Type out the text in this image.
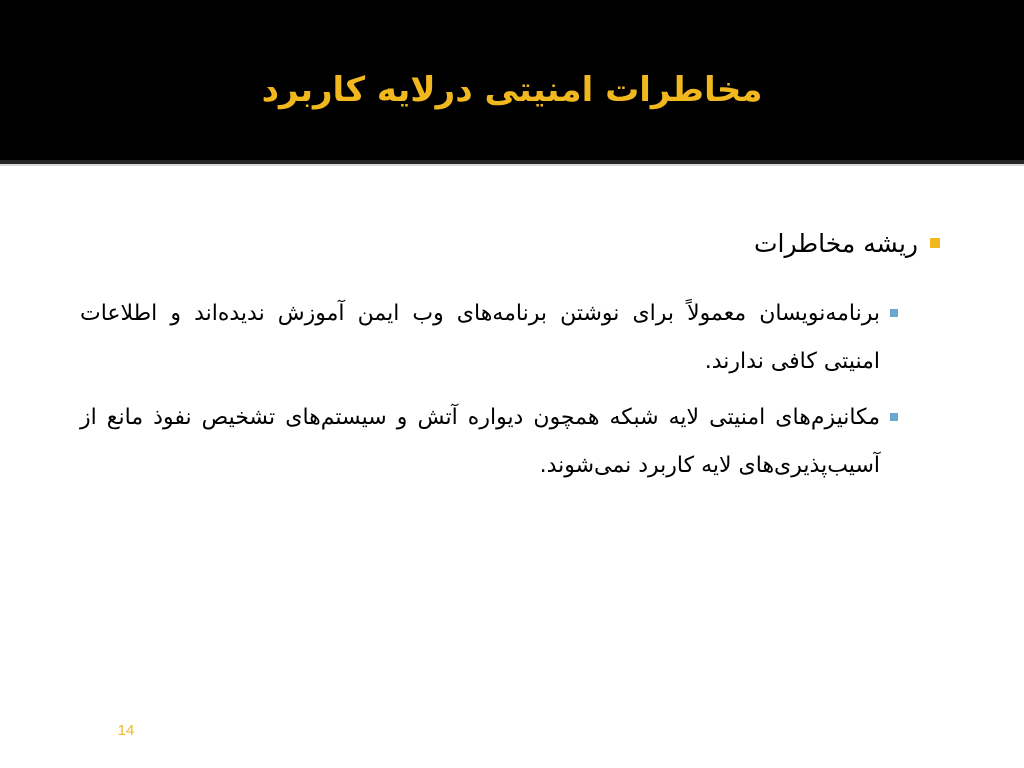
مخاطرات امنیتی درلایه کاربرد
ریشه مخاطرات
برنامه‌نویسان معمولاً برای نوشتن برنامه‌های وب ایمن آموزش ندیده‌اند و اطلاعات امنیتی کافی ندارند.
مکانیزم‌های امنیتی لایه شبکه همچون دیواره آتش و سیستم‌های تشخیص نفوذ مانع از آسیب‌پذیری‌های لایه کاربرد نمی‌شوند.
14
